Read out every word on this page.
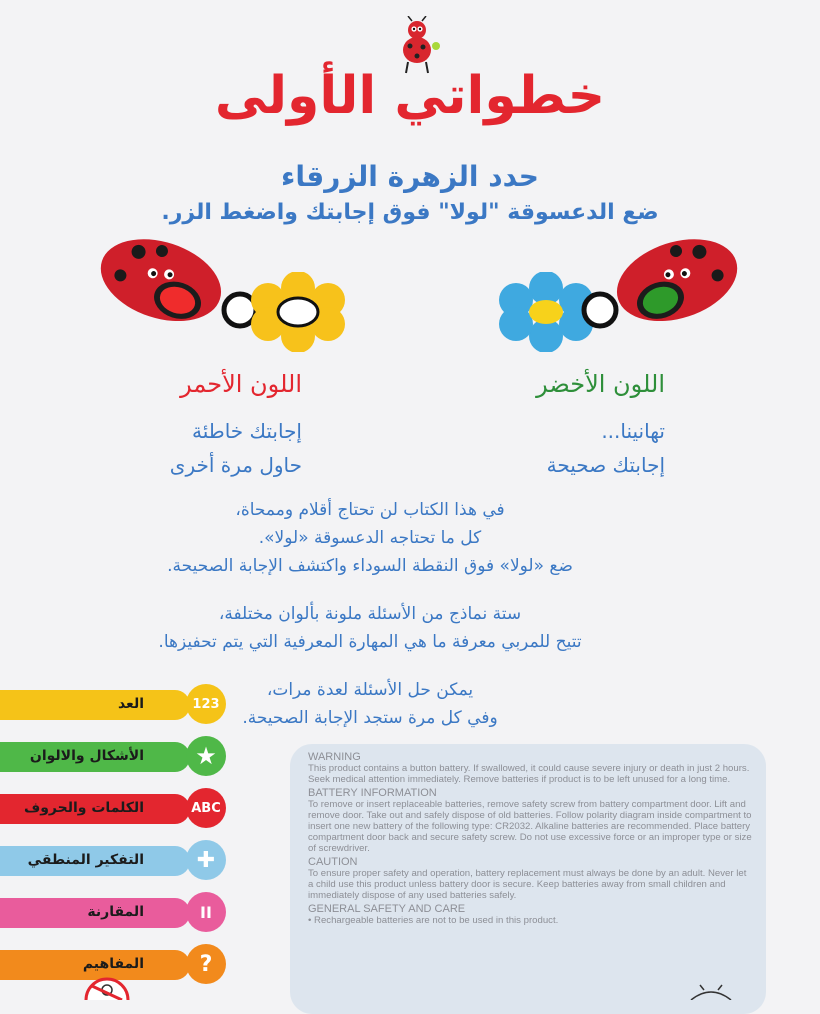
خطواتي الأولى
حدد الزهرة الزرقاء
ضع الدعسوقة "لولا" فوق إجابتك واضغط الزر.
اللون الأخضر
تهانينا...
إجابتك صحيحة
اللون الأحمر
إجابتك خاطئة
حاول مرة أخرى
في هذا الكتاب لن تحتاج أقلام وممحاة،
كل ما تحتاجه الدعسوقة «لولا».
ضع «لولا» فوق النقطة السوداء واكتشف الإجابة الصحيحة.
ستة نماذج من الأسئلة ملونة بألوان مختلفة،
تتيح للمربي معرفة ما هي المهارة المعرفية التي يتم تحفيزها.
يمكن حل الأسئلة لعدة مرات،
وفي كل مرة ستجد الإجابة الصحيحة.
العد	123
الأشكال والالوان	★
الكلمات والحروف	ABC
التفكير المنطقي	✚
المقارنة	II
المفاهيم	?
WARNING

This product contains a button battery. If swallowed, it could cause severe injury or death in just 2 hours. Seek medical attention immediately. Remove batteries if product is to be left unused for a long time.

BATTERY INFORMATION

To remove or insert replaceable batteries, remove safety screw from battery compartment door. Lift and remove door. Take out and safely dispose of old batteries. Follow polarity diagram inside compartment to insert one new battery of the following type: CR2032. Alkaline batteries are recommended. Place battery compartment door back and secure safety screw. Do not use excessive force or an improper type or size of screwdriver.

CAUTION

To ensure proper safety and operation, battery replacement must always be done by an adult. Never let a child use this product unless battery door is secure. Keep batteries away from small children and immediately dispose of any used batteries safely.

GENERAL SAFETY AND CARE

• Rechargeable batteries are not to be used in this product.
